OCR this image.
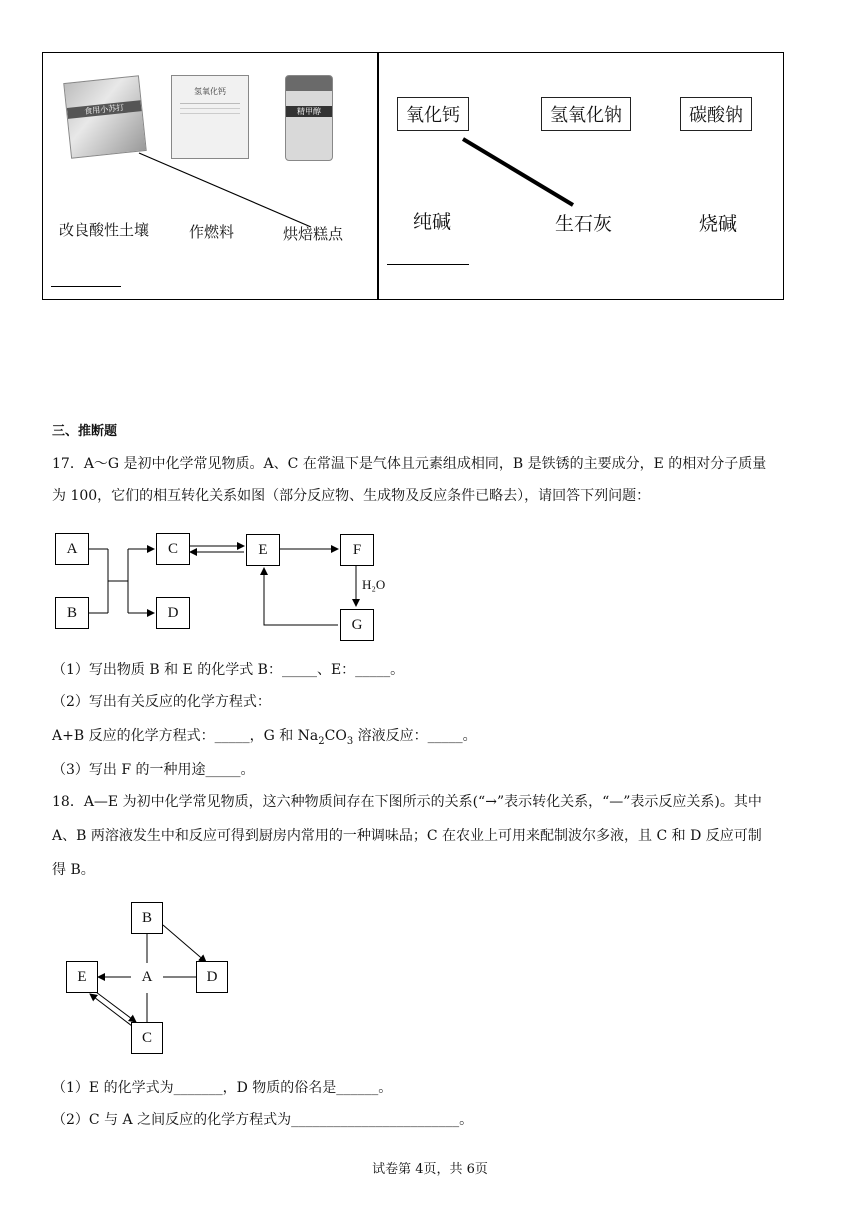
食用小苏打
氢氧化钙
精甲醇
改良酸性土壤	作燃料	烘焙糕点
氧化钙	氢氧化钠	碳酸钠
纯碱	生石灰	烧碱
三、推断题
17．A～G 是初中化学常见物质。A、C 在常温下是气体且元素组成相同，B 是铁锈的主要成分，E 的相对分子质量
为 100，它们的相互转化关系如图（部分反应物、生成物及反应条件已略去），请回答下列问题：
A
B
C
D
E	F
G
H₂O
（1）写出物质 B 和 E 的化学式 B：_____、E：_____。
（2）写出有关反应的化学方程式：
A+B 反应的化学方程式：_____，G 和 $Na_2CO_3$ 溶液反应：_____。
（3）写出 F 的一种用途_____。
18．A—E 为初中化学常见物质，这六种物质间存在下图所示的关系(“→”表示转化关系，“—”表示反应关系)。其中
A、B 两溶液发生中和反应可得到厨房内常用的一种调味品；C 在农业上可用来配制波尔多液，且 C 和 D 反应可制
得 B。
B
E	A	D
C
（1）E 的化学式为_______，D 物质的俗名是______。
（2）C 与 A 之间反应的化学方程式为________________________。
试卷第 4页，共 6页
